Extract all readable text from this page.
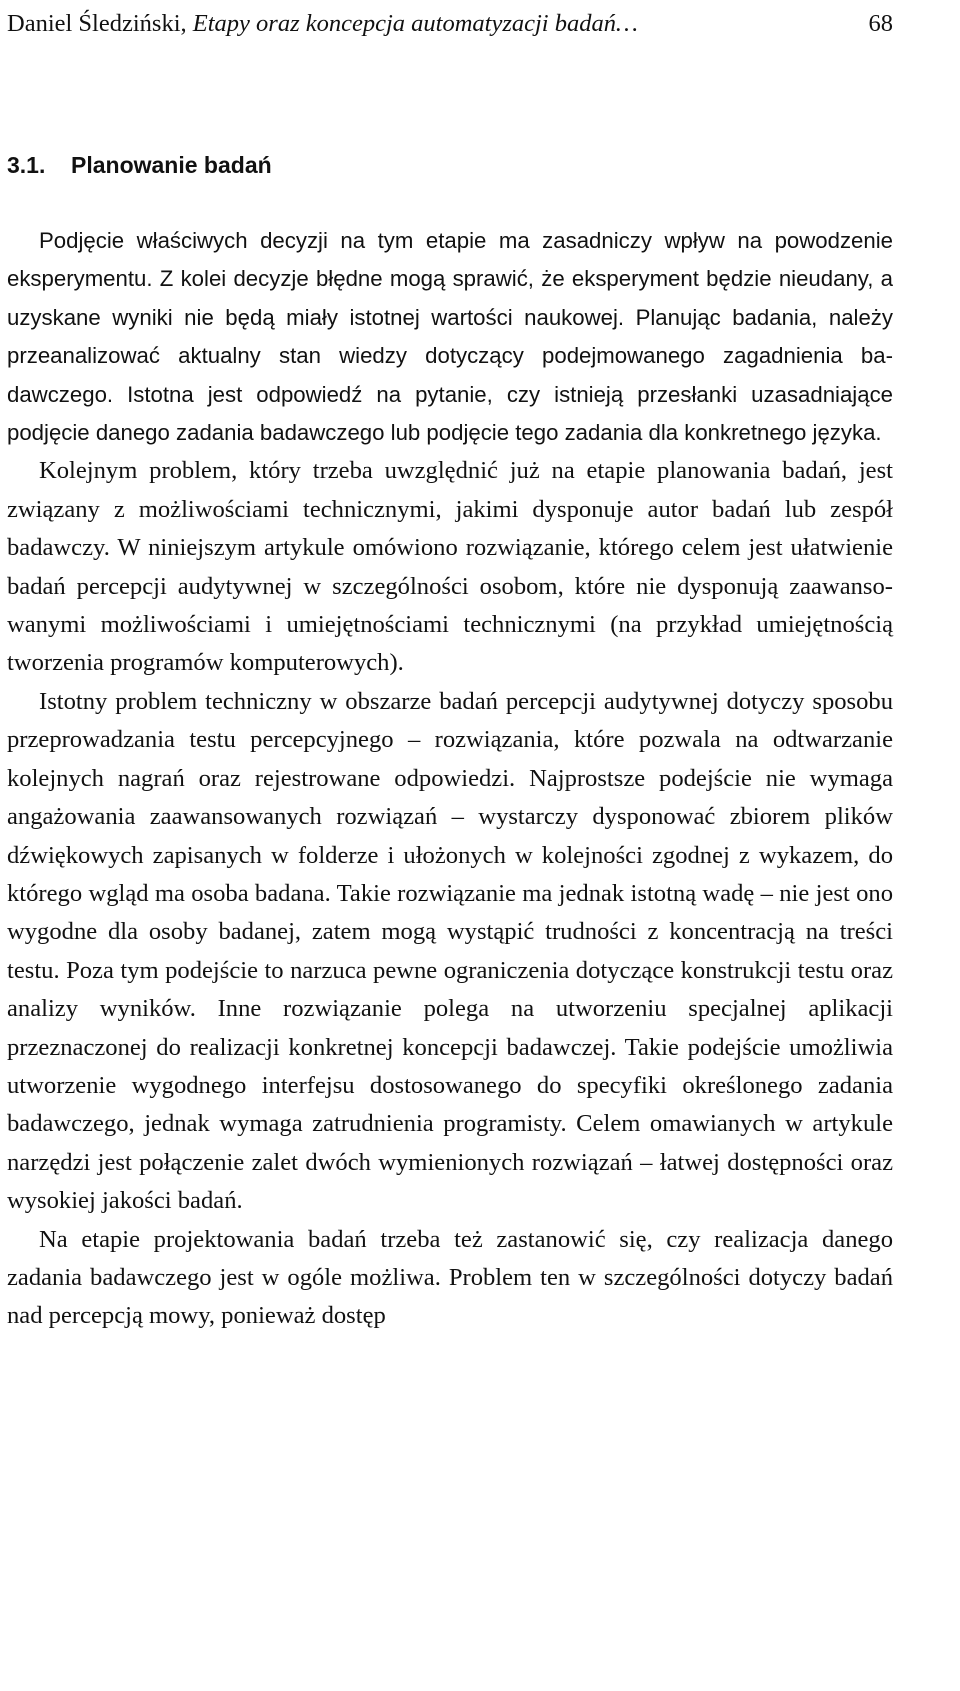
Daniel Śledziński, Etapy oraz koncepcja automatyzacji badań…	68
3.1. Planowanie badań

Podjęcie właściwych decyzji na tym etapie ma zasadniczy wpływ na powodzenie eksperymentu. Z kolei decyzje błędne mogą sprawić, że eksperyment będzie nieudany, a uzyskane wyniki nie będą miały istotnej wartości naukowej. Planując badania, należy przeanalizować aktualny stan wiedzy dotyczący podejmowanego zagadnienia badawczego. Istotna jest odpowiedź na pytanie, czy istnieją przesłanki uzasadniające podjęcie danego zadania badawczego lub podjęcie tego zadania dla konkretnego języka.

Kolejnym problem, który trzeba uwzględnić już na etapie planowania badań, jest związany z możliwościami technicznymi, jakimi dysponuje autor badań lub zespół badawczy. W niniejszym artykule omówiono rozwiązanie, którego celem jest ułatwienie badań percepcji audytywnej w szczególności osobom, które nie dysponują zaawansowanymi możliwościami i umiejętnościami technicznymi (na przykład umiejętnością tworzenia programów komputerowych).

Istotny problem techniczny w obszarze badań percepcji audytywnej dotyczy sposobu przeprowadzania testu percepcyjnego – rozwiązania, które pozwala na odtwarzanie kolejnych nagrań oraz rejestrowane odpowiedzi. Najprostsze podejście nie wymaga angażowania zaawansowanych rozwiązań – wystarczy dysponować zbiorem plików dźwiękowych zapisanych w folderze i ułożonych w kolejności zgodnej z wykazem, do którego wgląd ma osoba badana. Takie rozwiązanie ma jednak istotną wadę – nie jest ono wygodne dla osoby badanej, zatem mogą wystąpić trudności z koncentracją na treści testu. Poza tym podejście to narzuca pewne ograniczenia dotyczące konstrukcji testu oraz analizy wyników. Inne rozwiązanie polega na utworzeniu specjalnej aplikacji przeznaczonej do realizacji konkretnej koncepcji badawczej. Takie podejście umożliwia utworzenie wygodnego interfejsu dostosowanego do specyfiki określonego zadania badawczego, jednak wymaga zatrudnienia programisty. Celem omawianych w artykule narzędzi jest połączenie zalet dwóch wymienionych rozwiązań – łatwej dostępności oraz wysokiej jakości badań.

Na etapie projektowania badań trzeba też zastanowić się, czy realizacja danego zadania badawczego jest w ogóle możliwa. Problem ten w szczególności dotyczy badań nad percepcją mowy, ponieważ dostęp
